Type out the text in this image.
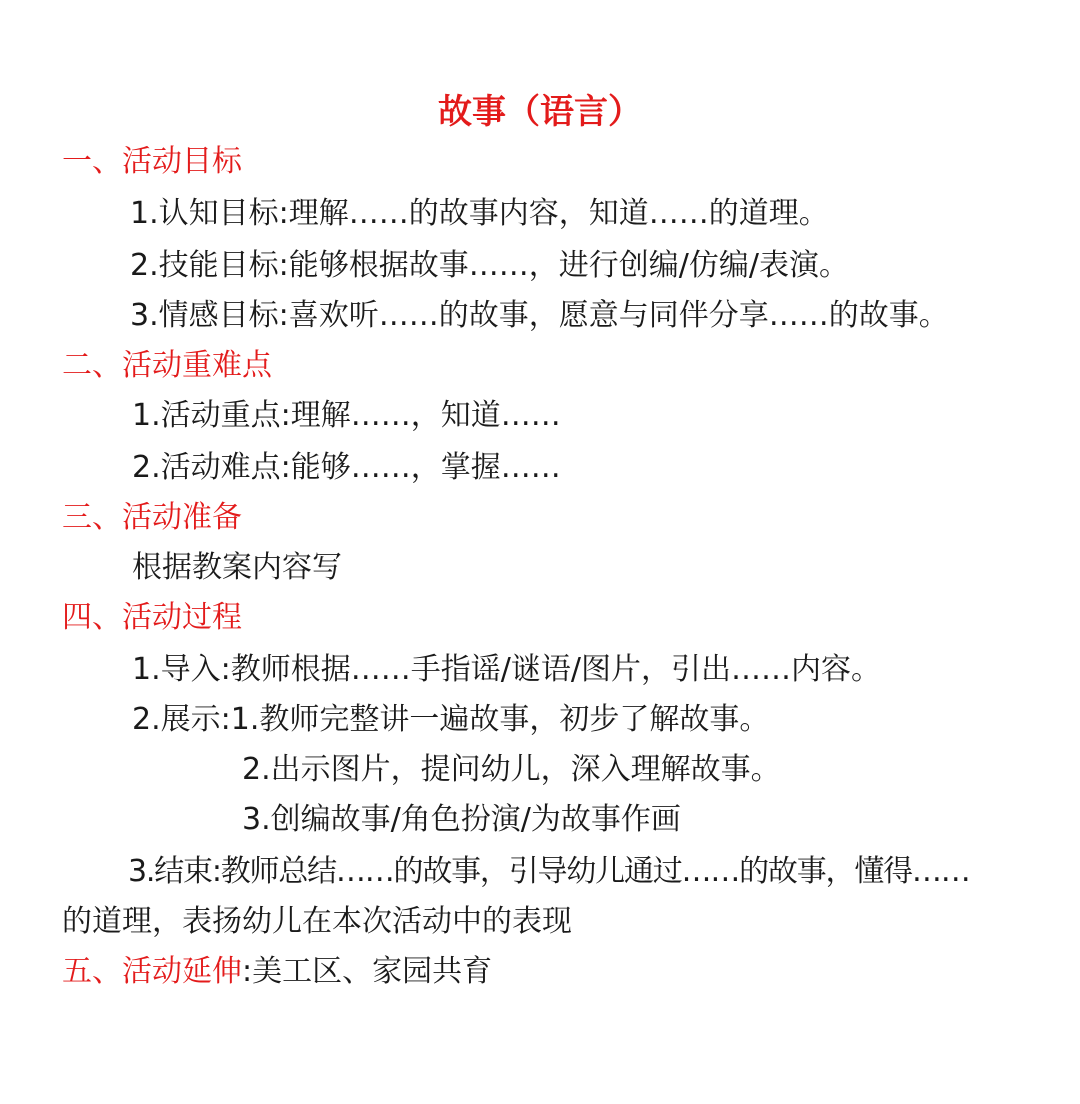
故事（语言）
一、活动目标
1.认知目标:理解……的故事内容，知道……的道理。
2.技能目标:能够根据故事……，进行创编/仿编/表演。
3.情感目标:喜欢听……的故事，愿意与同伴分享……的故事。
二、活动重难点
1.活动重点:理解……，知道……
2.活动难点:能够……，掌握……
三、活动准备
根据教案内容写
四、活动过程
1.导入:教师根据……手指谣/谜语/图片，引出……内容。
2.展示:1.教师完整讲一遍故事，初步了解故事。
2.出示图片，提问幼儿，深入理解故事。
3.创编故事/角色扮演/为故事作画
3.结束:教师总结……的故事，引导幼儿通过……的故事，懂得……
的道理，表扬幼儿在本次活动中的表现
五、活动延伸:美工区、家园共育
